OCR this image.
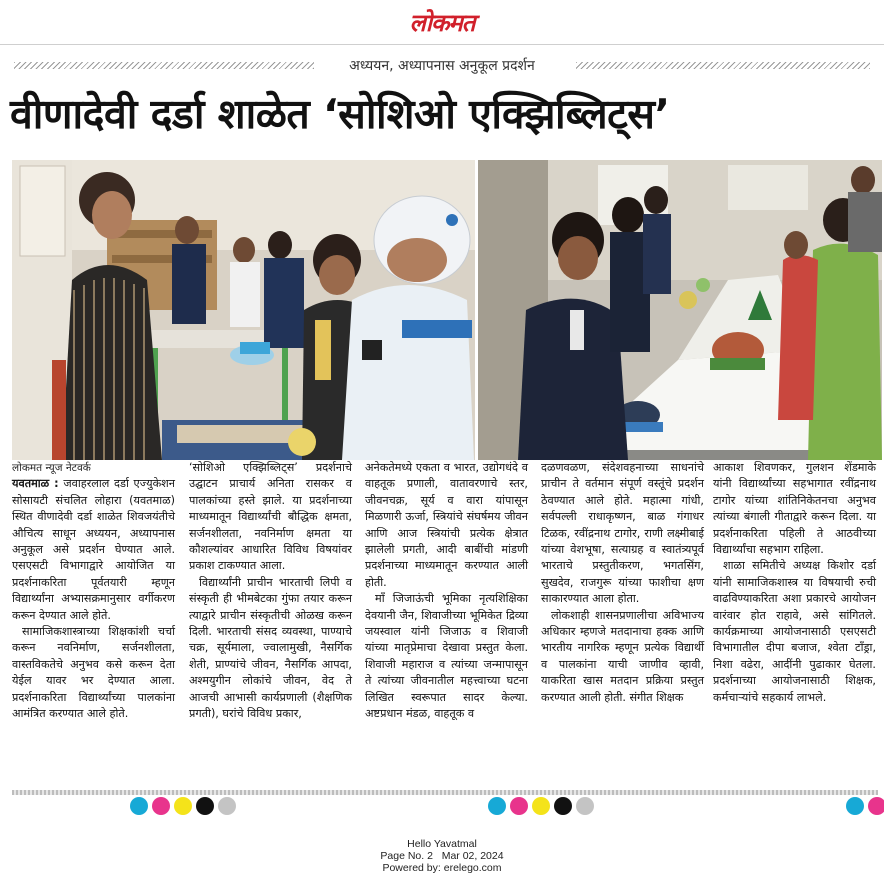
लोकमत
अध्ययन, अध्यापनास अनुकूल प्रदर्शन
वीणादेवी दर्डा शाळेत ‘सोशिओ एक्झिब्लिट्स’
लोकमत न्यूज नेटवर्क

यवतमाळ : जवाहरलाल दर्डा एज्युकेशन सोसायटी संचलित लोहारा (यवतमाळ) स्थित वीणादेवी दर्डा शाळेत शिवजयंतीचे औचित्य साधून अध्ययन, अध्यापनास अनुकूल असे प्रदर्शन घेण्यात आले. एसएसटी विभागाद्वारे आयोजित या प्रदर्शनाकरिता पूर्वतयारी म्हणून विद्यार्थ्यांना अभ्यासक्रमानुसार वर्गीकरण करून देण्यात आले होते.

सामाजिकशास्त्राच्या शिक्षकांशी चर्चा करून नवनिर्माण, सर्जनशीलता, वास्तविकतेचे अनुभव कसे करून देता येईल यावर भर देण्यात आला. प्रदर्शनाकरिता विद्यार्थ्यांच्या पालकांना आमंत्रित करण्यात आले होते.

‘सोशिओ एक्झिब्लिट्स’ प्रदर्शनाचे उद्घाटन प्राचार्य अनिता रासकर व पालकांच्या हस्ते झाले. या प्रदर्शनाच्या माध्यमातून विद्यार्थ्यांची बौद्धिक क्षमता, सर्जनशीलता, नवनिर्माण क्षमता या कौशल्यांवर आधारित विविध विषयांवर प्रकाश टाकण्यात आला.

विद्यार्थ्यांनी प्राचीन भारताची लिपी व संस्कृती ही भीमबेटका गुंफा तयार करून त्याद्वारे प्राचीन संस्कृतीची ओळख करून दिली. भारताची संसद व्यवस्था, पाण्याचे चक्र, सूर्यमाला, ज्वालामुखी, नैसर्गिक शेती, प्राण्यांचे जीवन, नैसर्गिक आपदा, अश्मयुगीन लोकांचे जीवन, वेद ते आजची आभासी कार्यप्रणाली (शैक्षणिक प्रगती), घरांचे विविध प्रकार,

अनेकतेमध्ये एकता व भारत, उद्योगधंदे व वाहतूक प्रणाली, वातावरणाचे स्तर, जीवनचक्र, सूर्य व वारा यांपासून मिळणारी ऊर्जा, स्त्रियांचे संघर्षमय जीवन आणि आज स्त्रियांची प्रत्येक क्षेत्रात झालेली प्रगती, आदी बाबींची मांडणी प्रदर्शनाच्या माध्यमातून करण्यात आली होती.

माँ जिजाऊंची भूमिका नृत्यशिक्षिका देवयानी जैन, शिवाजीच्या भूमिकेत द्रिव्या जयस्वाल यांनी जिजाऊ व शिवाजी यांच्या मातृप्रेमाचा देखावा प्रस्तुत केला. शिवाजी महाराज व त्यांच्या जन्मापासून ते त्यांच्या जीवनातील महत्त्वाच्या घटना लिखित स्वरूपात सादर केल्या. अष्टप्रधान मंडळ, वाहतूक व

दळणवळण, संदेशवहनाच्या साधनांचे प्राचीन ते वर्तमान संपूर्ण वस्तूंचे प्रदर्शन ठेवण्यात आले होते. महात्मा गांधी, सर्वपल्ली राधाकृष्णन, बाळ गंगाधर टिळक, रवींद्रनाथ टागोर, राणी लक्ष्मीबाई यांच्या वेशभूषा, सत्याग्रह व स्वातंत्र्यपूर्व भारताचे प्रस्तुतीकरण, भगतसिंग, सुखदेव, राजगुरू यांच्या फाशीचा क्षण साकारण्यात आला होता.

लोकशाही शासनप्रणालीचा अविभाज्य अधिकार म्हणजे मतदानाचा हक्क आणि भारतीय नागरिक म्हणून प्रत्येक विद्यार्थी व पालकांना याची जाणीव व्हावी, याकरिता खास मतदान प्रक्रिया प्रस्तुत करण्यात आली होती. संगीत शिक्षक

आकाश शिवणकर, गुलशन शेंडमाके यांनी विद्यार्थ्यांच्या सहभागात रवींद्रनाथ टागोर यांच्या शांतिनिकेतनचा अनुभव त्यांच्या बंगाली गीताद्वारे करून दिला. या प्रदर्शनाकरिता पहिली ते आठवीच्या विद्यार्थ्यांचा सहभाग राहिला.

शाळा समितीचे अध्यक्ष किशोर दर्डा यांनी सामाजिकशास्त्र या विषयाची रुची वाढविण्याकरिता अशा प्रकारचे आयोजन वारंवार होत राहावे, असे सांगितले. कार्यक्रमाच्या आयोजनासाठी एसएसटी विभागातील दीपा बजाज, श्वेता टाँड्रा, निशा वढेरा, आदींनी पुढाकार घेतला. प्रदर्शनाच्या आयोजनासाठी शिक्षक, कर्मचाऱ्यांचे सहकार्य लाभले.

Hello Yavatmal
Page No. 2   Mar 02, 2024
Powered by: erelego.com
